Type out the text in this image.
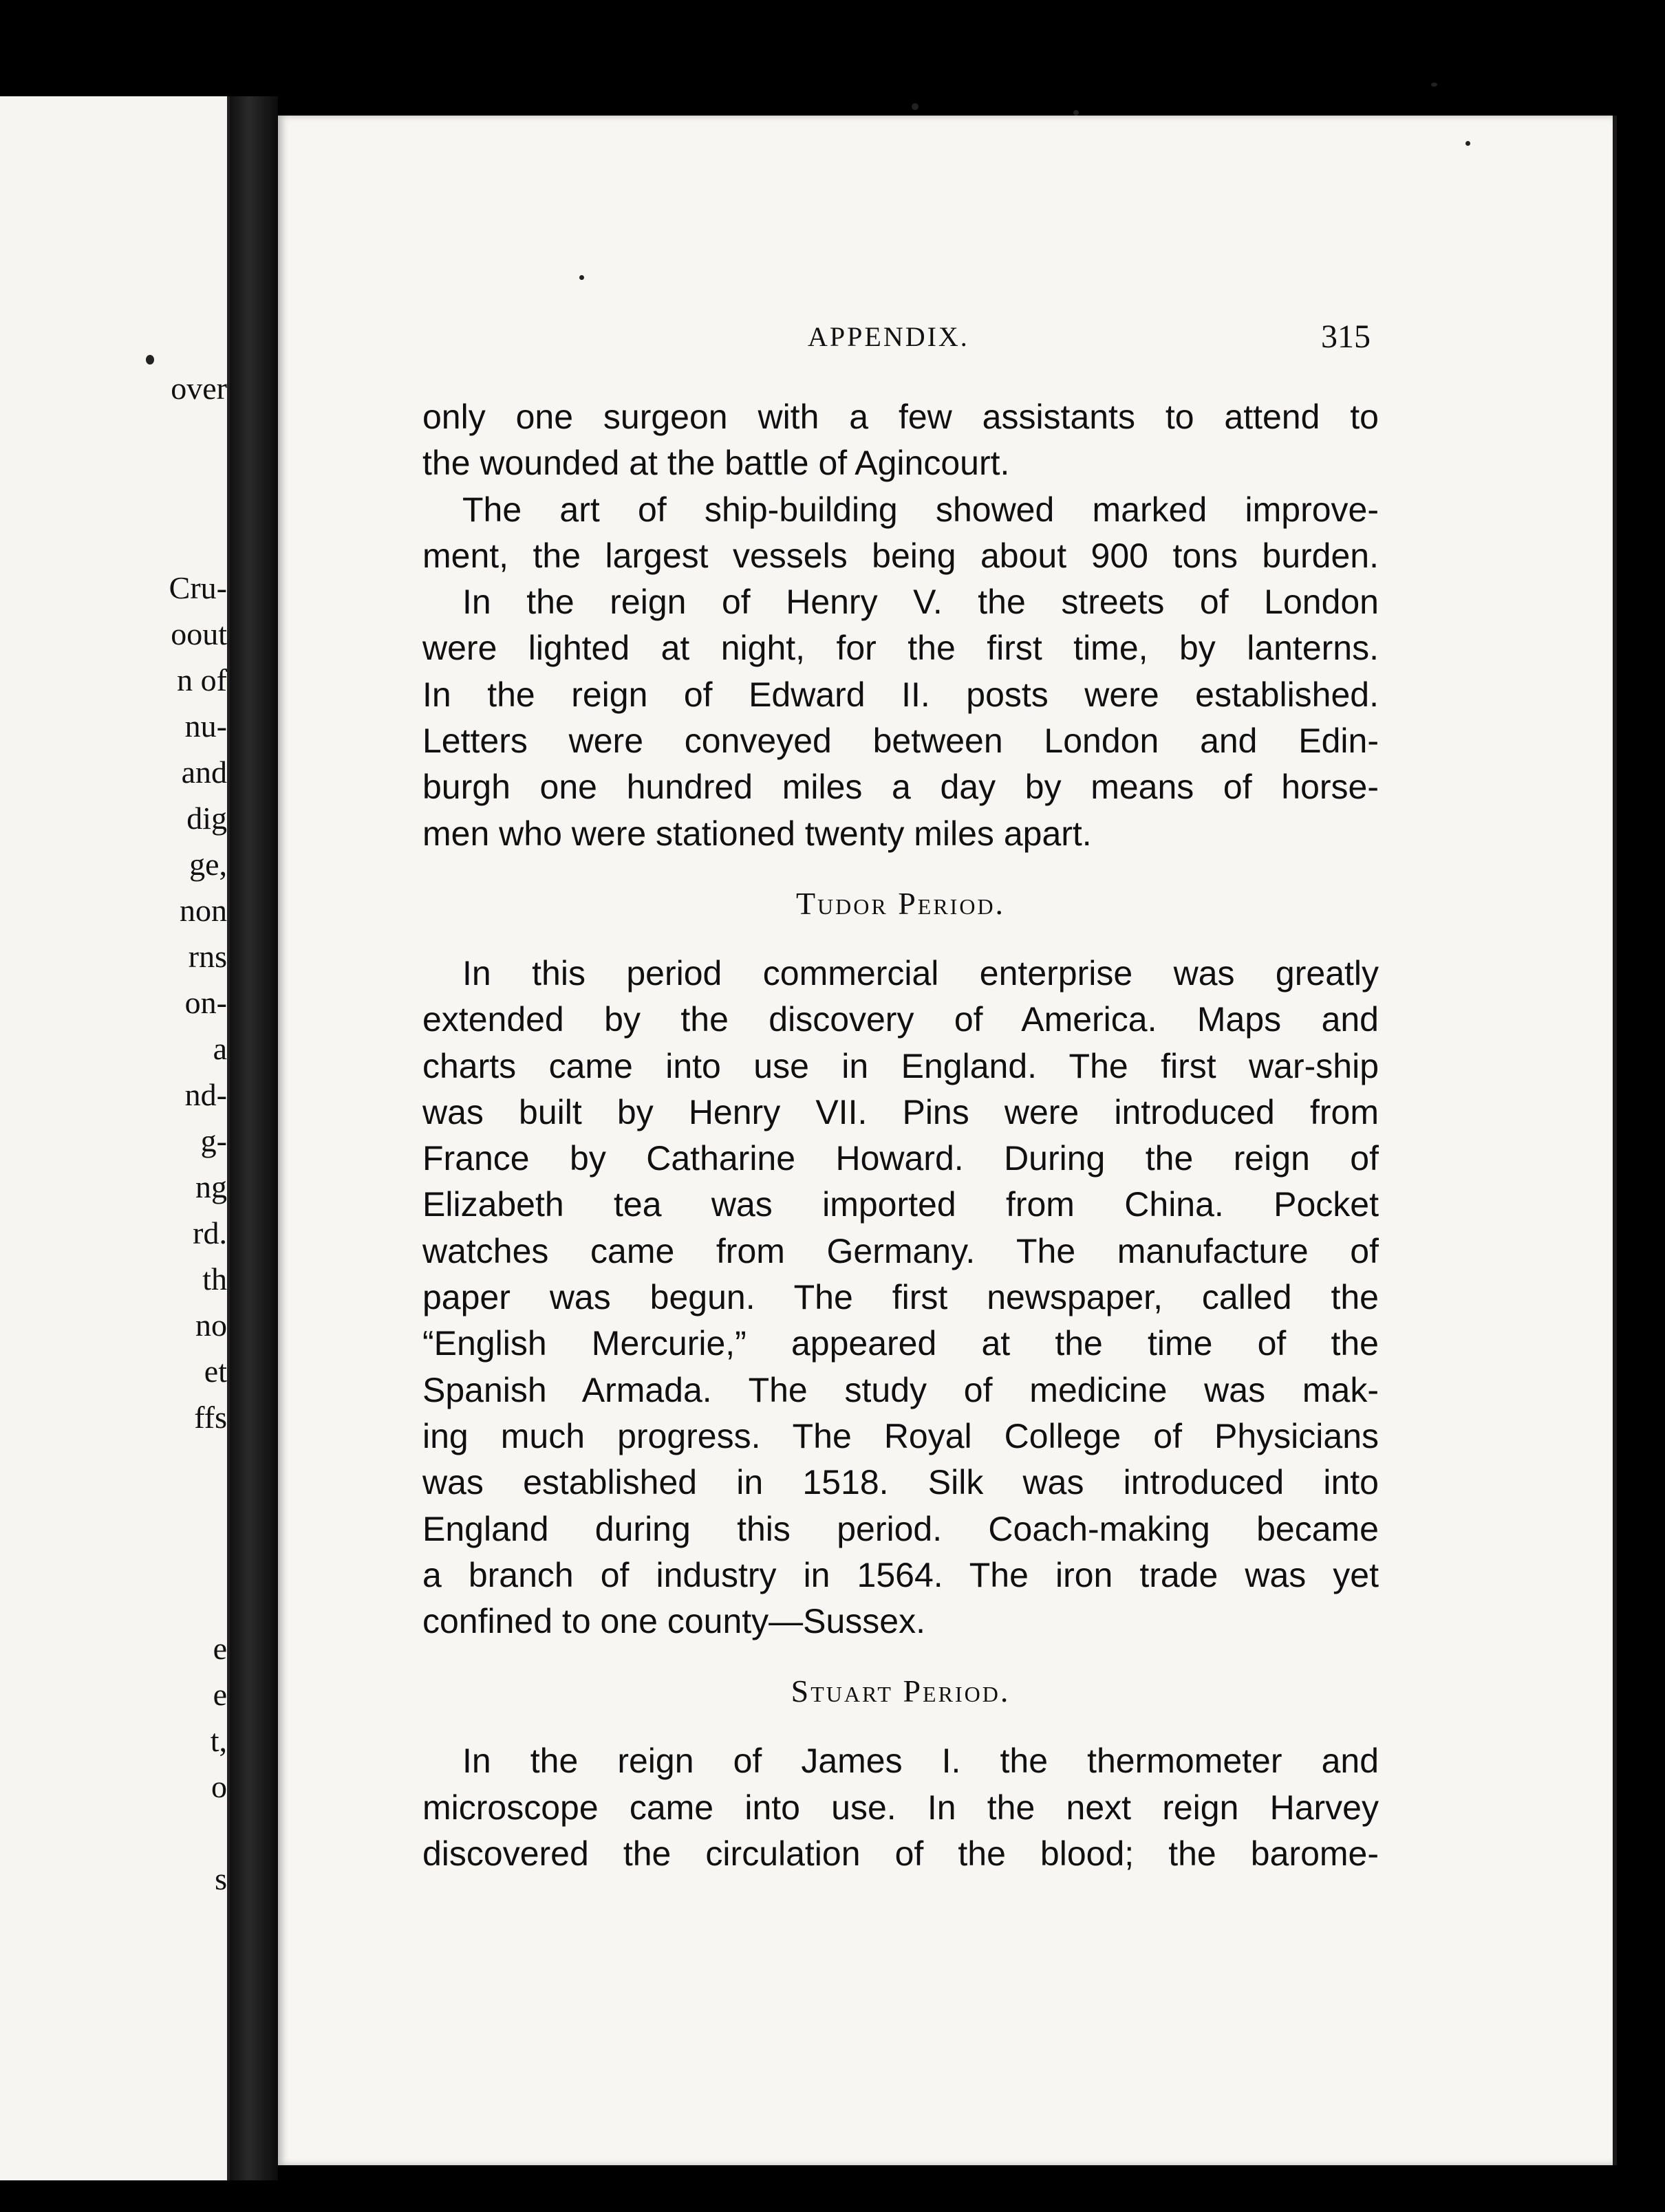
over
Cru-
oout
n of
nu-
and
dig
ge,
non
rns
on-
a
nd-
g-
ng
rd.
th
no
et
ffs
e
e
t,
o
s
APPENDIX.	315
only one surgeon with a few assistants to attend to
the wounded at the battle of Agincourt.
The art of ship-building showed marked improve-
ment, the largest vessels being about 900 tons burden.
In the reign of Henry V. the streets of London
were lighted at night, for the first time, by lanterns.
In the reign of Edward II. posts were established.
Letters were conveyed between London and Edin-
burgh one hundred miles a day by means of horse-
men who were stationed twenty miles apart.
Tudor Period.
In this period commercial enterprise was greatly
extended by the discovery of America. Maps and
charts came into use in England. The first war-ship
was built by Henry VII. Pins were introduced from
France by Catharine Howard. During the reign of
Elizabeth tea was imported from China. Pocket
watches came from Germany. The manufacture of
paper was begun. The first newspaper, called the
“English Mercurie,” appeared at the time of the
Spanish Armada. The study of medicine was mak-
ing much progress. The Royal College of Physicians
was established in 1518. Silk was introduced into
England during this period. Coach-making became
a branch of industry in 1564. The iron trade was yet
confined to one county—Sussex.
Stuart Period.
In the reign of James I. the thermometer and
microscope came into use. In the next reign Harvey
discovered the circulation of the blood; the barome-
